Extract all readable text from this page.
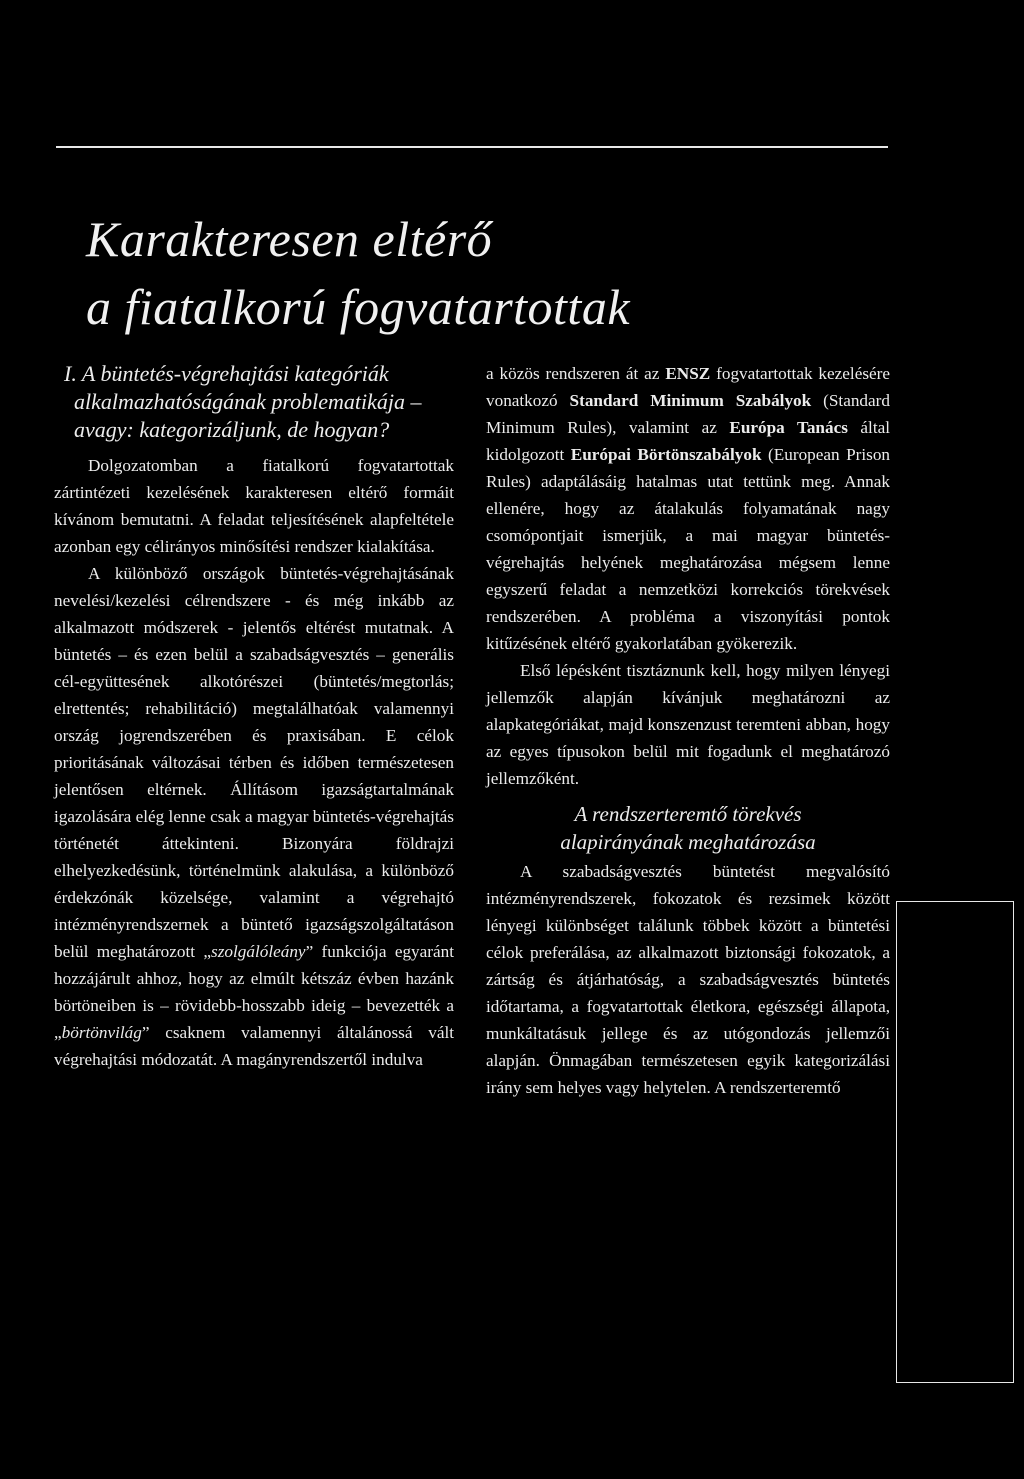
Karakteresen eltérő
a fiatalkorú fogvatartottak
I. A büntetés-végrehajtási kategóriák alkalmazhatóságának problematikája – avagy: kategorizáljunk, de hogyan?

Dolgozatomban a fiatalkorú fogvatartottak zártintézeti kezelésének karakteresen eltérő formáit kívánom bemutatni. A feladat teljesítésének alapfeltétele azonban egy célirányos minősítési rendszer kialakítása.

A különböző országok büntetés-végrehajtásának nevelési/kezelési célrendszere - és még inkább az alkalmazott módszerek - jelentős eltérést mutatnak. A büntetés – és ezen belül a szabadságvesztés – generális cél-együttesének alkotórészei (büntetés/megtorlás; elrettentés; rehabilitáció) megtalálhatóak valamennyi ország jogrendszerében és praxisában. E célok prioritásának változásai térben és időben természetesen jelentősen eltérnek. Állításom igazságtartalmának igazolására elég lenne csak a magyar büntetés-végrehajtás történetét áttekinteni. Bizonyára földrajzi elhelyezkedésünk, történelmünk alakulása, a különböző érdekzónák közelsége, valamint a végrehajtó intézményrendszernek a büntető igazságszolgáltatáson belül meghatározott „szolgálóleány” funkciója egyaránt hozzájárult ahhoz, hogy az elmúlt kétszáz évben hazánk börtöneiben is – rövidebb-hosszabb ideig – bevezették a „börtönvilág” csaknem valamennyi általánossá vált végrehajtási módozatát. A magányrendszertől indulva

a közös rendszeren át az ENSZ fogvatartottak kezelésére vonatkozó Standard Minimum Szabályok (Standard Minimum Rules), valamint az Európa Tanács által kidolgozott Európai Börtönszabályok (European Prison Rules) adaptálásáig hatalmas utat tettünk meg. Annak ellenére, hogy az átalakulás folyamatának nagy csomópontjait ismerjük, a mai magyar büntetés-végrehajtás helyének meghatározása mégsem lenne egyszerű feladat a nemzetközi korrekciós törekvések rendszerében. A probléma a viszonyítási pontok kitűzésének eltérő gyakorlatában gyökerezik.

Első lépésként tisztáznunk kell, hogy milyen lényegi jellemzők alapján kívánjuk meghatározni az alapkategóriákat, majd konszenzust teremteni abban, hogy az egyes típusokon belül mit fogadunk el meghatározó jellemzőként.

A rendszerteremtő törekvés
alapirányának meghatározása

A szabadságvesztés büntetést megvalósító intézményrendszerek, fokozatok és rezsimek között lényegi különbséget találunk többek között a büntetési célok preferálása, az alkalmazott biztonsági fokozatok, a zártság és átjárhatóság, a szabadságvesztés büntetés időtartama, a fogvatartottak életkora, egészségi állapota, munkáltatásuk jellege és az utógondozás jellemzői alapján. Önmagában természetesen egyik kategorizálási irány sem helyes vagy helytelen. A rendszerteremtő
